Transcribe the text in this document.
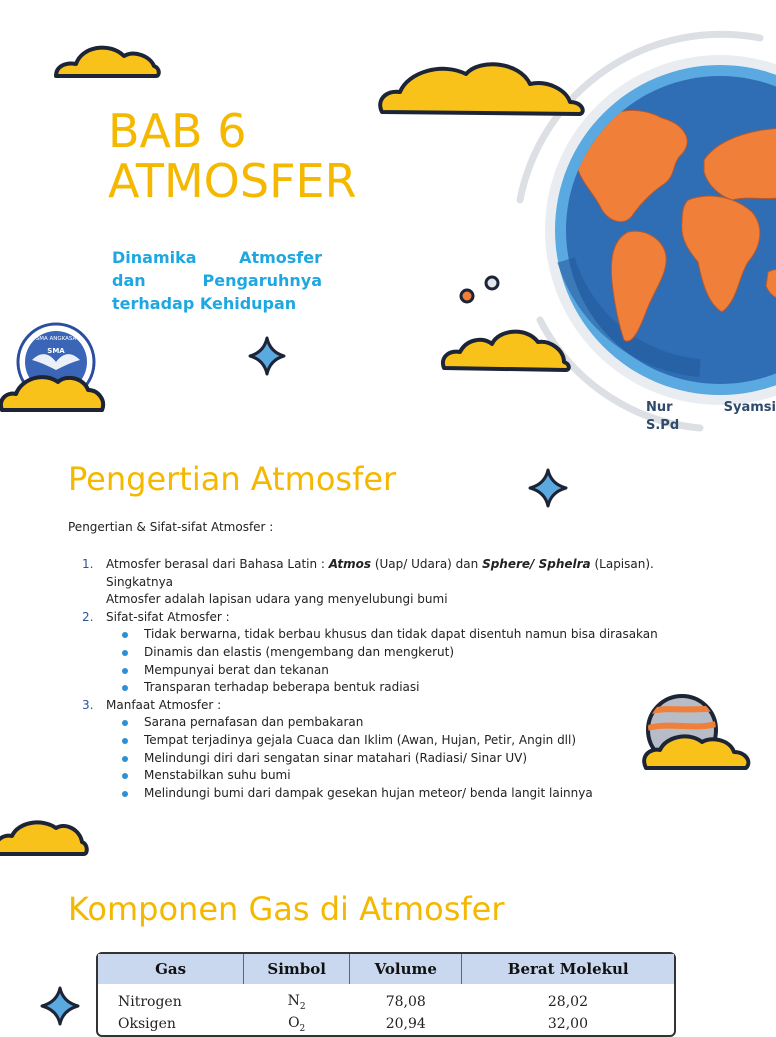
SMA ANGKASA
SMA
BAB 6
ATMOSFER
Dinamika Atmosfer dan Pengaruhnya terhadap Kehidupan
Nur	Syamsi
S.Pd
Pengertian Atmosfer
Pengertian & Sifat-sifat Atmosfer :
1. Atmosfer berasal dari Bahasa Latin : Atmos (Uap/ Udara) dan Sphere/ Sphelra (Lapisan). Singkatnya
Atmosfer adalah lapisan udara yang menyelubungi bumi
2. Sifat-sifat Atmosfer :
Tidak berwarna, tidak berbau khusus dan tidak dapat disentuh namun bisa dirasakan
Dinamis dan elastis (mengembang dan mengkerut)
Mempunyai berat dan tekanan
Transparan terhadap beberapa bentuk radiasi
3. Manfaat Atmosfer :
Sarana pernafasan dan pembakaran
Tempat terjadinya gejala Cuaca dan Iklim (Awan, Hujan, Petir, Angin dll)
Melindungi diri dari sengatan sinar matahari (Radiasi/ Sinar UV)
Menstabilkan suhu bumi
Melindungi bumi dari dampak gesekan hujan meteor/ benda langit lainnya
Komponen Gas di Atmosfer
Gas	Simbol	Volume	Berat Molekul
Nitrogen	$N_2$	78,08	28,02
Oksigen	$O_2$	20,94	32,00
